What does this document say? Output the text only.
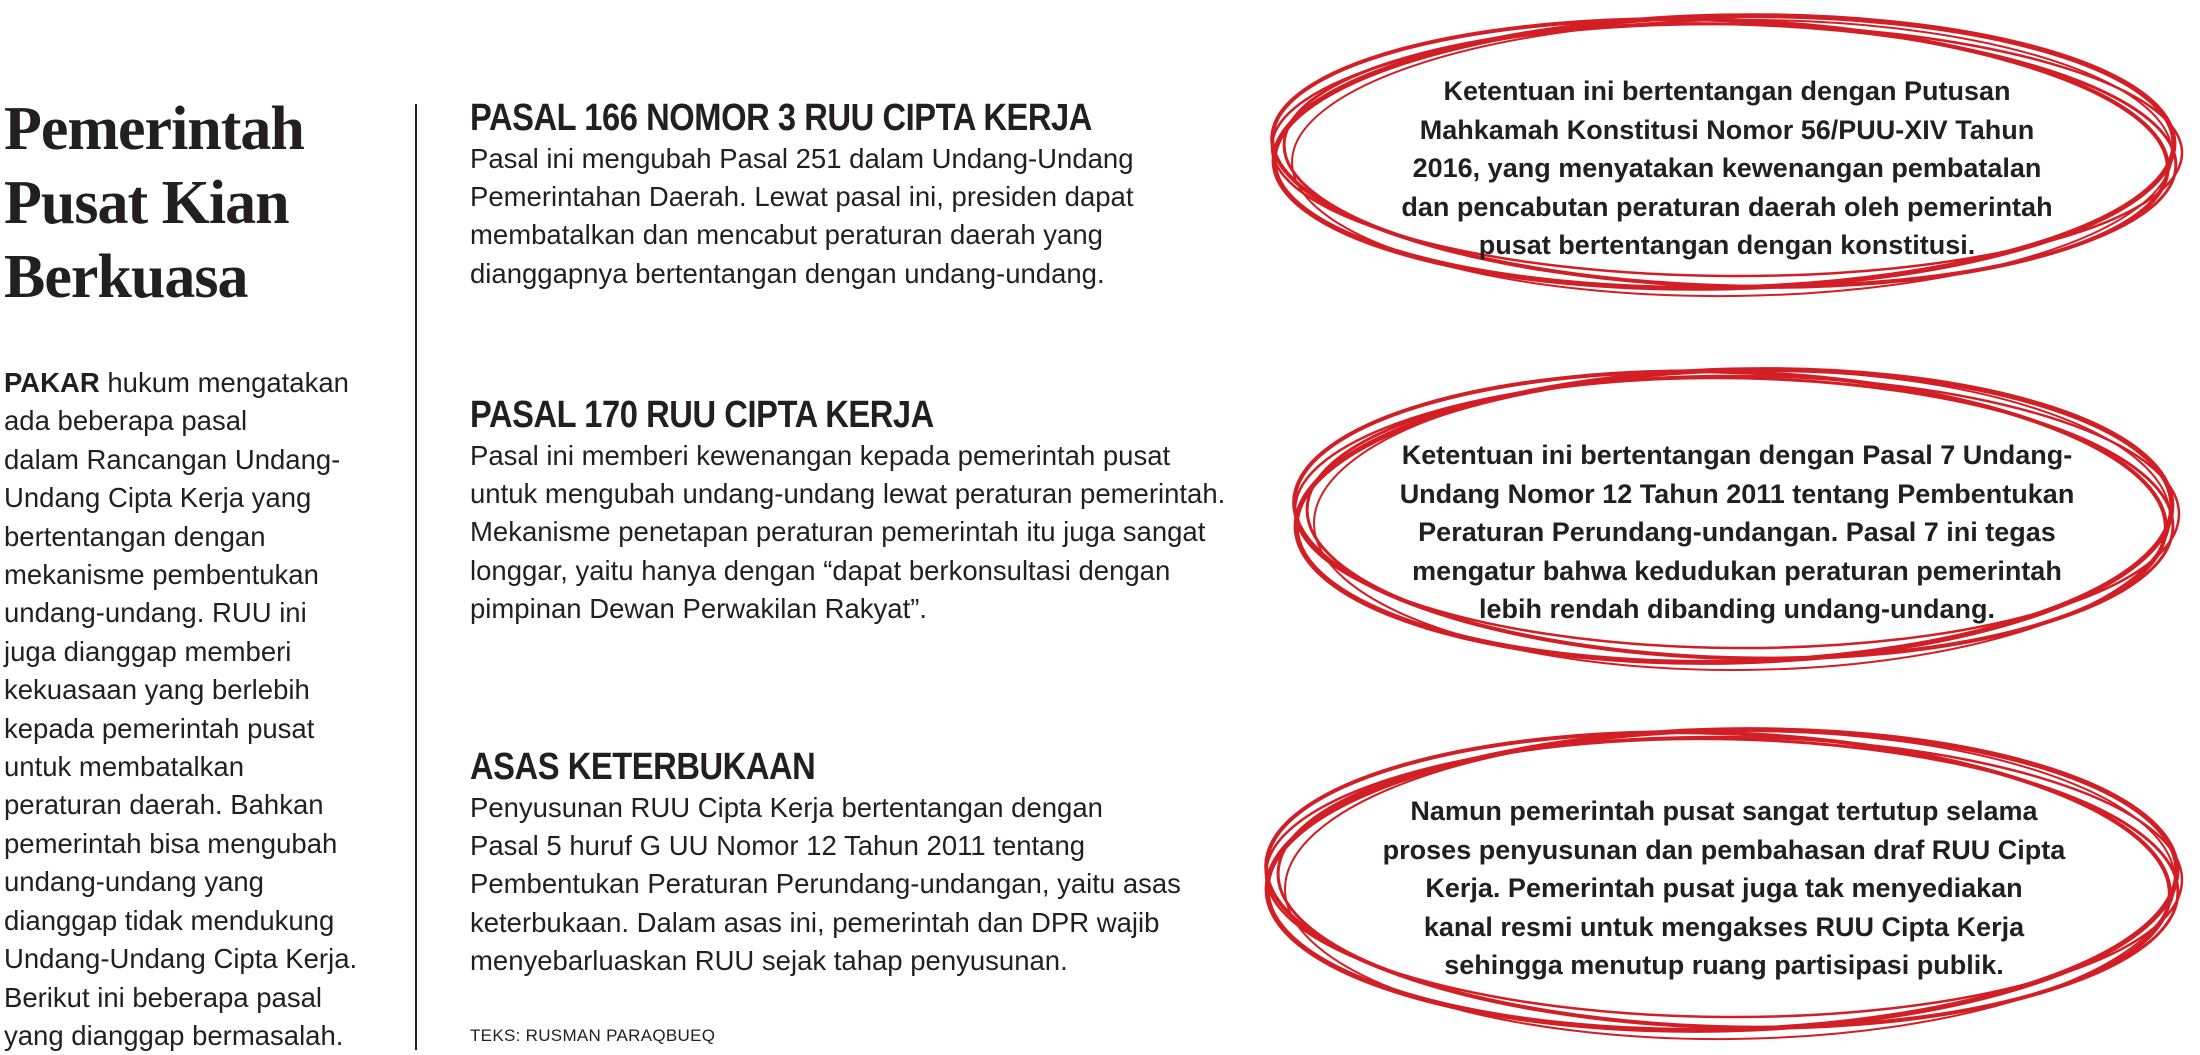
Pemerintah
Pusat Kian
Berkuasa
PAKAR hukum mengatakan
ada beberapa pasal
dalam Rancangan Undang-
Undang Cipta Kerja yang
bertentangan dengan
mekanisme pembentukan
undang-undang. RUU ini
juga dianggap memberi
kekuasaan yang berlebih
kepada pemerintah pusat
untuk membatalkan
peraturan daerah. Bahkan
pemerintah bisa mengubah
undang-undang yang
dianggap tidak mendukung
Undang-Undang Cipta Kerja.
Berikut ini beberapa pasal
yang dianggap bermasalah.
PASAL 166 NOMOR 3 RUU CIPTA KERJA

Pasal ini mengubah Pasal 251 dalam Undang-Undang
Pemerintahan Daerah. Lewat pasal ini, presiden dapat
membatalkan dan mencabut peraturan daerah yang
dianggapnya bertentangan dengan undang-undang.

PASAL 170 RUU CIPTA KERJA

Pasal ini memberi kewenangan kepada pemerintah pusat
untuk mengubah undang-undang lewat peraturan pemerintah.
Mekanisme penetapan peraturan pemerintah itu juga sangat
longgar, yaitu hanya dengan “dapat berkonsultasi dengan
pimpinan Dewan Perwakilan Rakyat”.

ASAS KETERBUKAAN

Penyusunan RUU Cipta Kerja bertentangan dengan
Pasal 5 huruf G UU Nomor 12 Tahun 2011 tentang
Pembentukan Peraturan Perundang-undangan, yaitu asas
keterbukaan. Dalam asas ini, pemerintah dan DPR wajib
menyebarluaskan RUU sejak tahap penyusunan.

TEKS: RUSMAN PARAQBUEQ
Ketentuan ini bertentangan dengan Putusan
Mahkamah Konstitusi Nomor 56/PUU-XIV Tahun
2016, yang menyatakan kewenangan pembatalan
dan pencabutan peraturan daerah oleh pemerintah
pusat bertentangan dengan konstitusi.
Ketentuan ini bertentangan dengan Pasal 7 Undang-
Undang Nomor 12 Tahun 2011 tentang Pembentukan
Peraturan Perundang-undangan. Pasal 7 ini tegas
mengatur bahwa kedudukan peraturan pemerintah
lebih rendah dibanding undang-undang.
Namun pemerintah pusat sangat tertutup selama
proses penyusunan dan pembahasan draf RUU Cipta
Kerja. Pemerintah pusat juga tak menyediakan
kanal resmi untuk mengakses RUU Cipta Kerja
sehingga menutup ruang partisipasi publik.
